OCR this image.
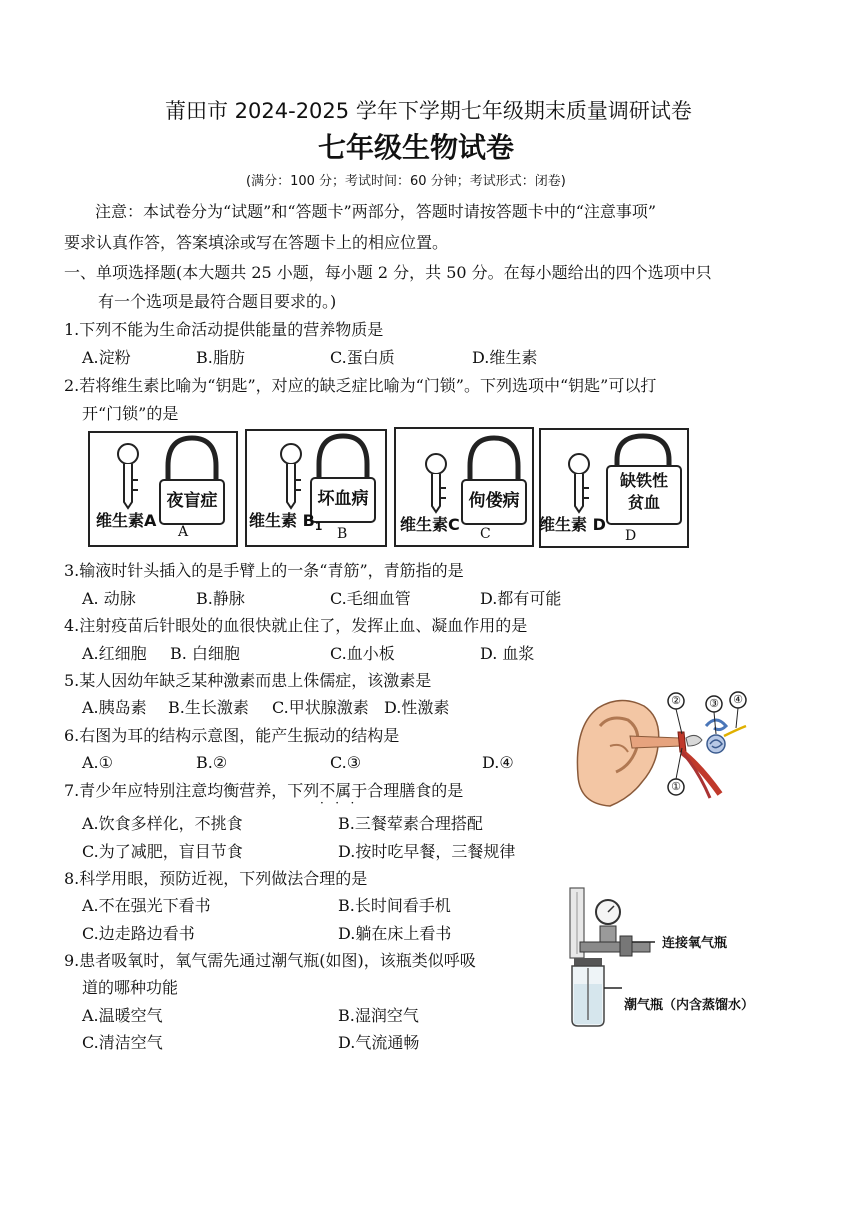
莆田市 2024-2025 学年下学期七年级期末质量调研试卷
七年级生物试卷
(满分：100 分；考试时间：60 分钟；考试形式：闭卷)
注意：本试卷分为“试题”和“答题卡”两部分，答题时请按答题卡中的“注意事项”
要求认真作答，答案填涂或写在答题卡上的相应位置。
一、单项选择题(本大题共 25 小题，每小题 2 分，共 50 分。在每小题给出的四个选项中只
有一个选项是最符合题目要求的。)
1.下列不能为生命活动提供能量的营养物质是
A.淀粉	B.脂肪	C.蛋白质	D.维生素
2.若将维生素比喻为“钥匙”，对应的缺乏症比喻为“门锁”。下列选项中“钥匙”可以打
开“门锁”的是
夜盲症
维生素A
A
坏血病
维生素 $B_1$ B
佝偻病
维生素C C
缺铁性
贫血
维生素 D
D
3.输液时针头插入的是手臂上的一条“青筋”，青筋指的是
A. 动脉	B.静脉	C.毛细血管	D.都有可能
4.注射疫苗后针眼处的血很快就止住了，发挥止血、凝血作用的是
A.红细胞 B. 白细胞	C.血小板	D. 血浆
5.某人因幼年缺乏某种激素而患上侏儒症，该激素是
A.胰岛素 B.生长激素 C.甲状腺激素 D.性激素	②	③ ④
①
6.右图为耳的结构示意图，能产生振动的结构是
A.①	B.②	C.③	D.④
7.青少年应特别注意均衡营养，下列不属于合理膳食的是
·   ·   ·
A.饮食多样化，不挑食	B.三餐荤素合理搭配
C.为了减肥，盲目节食	D.按时吃早餐，三餐规律
8.科学用眼，预防近视，下列做法合理的是
A.不在强光下看书	B.长时间看手机
C.边走路边看书	D.躺在床上看书
连接氧气瓶
潮气瓶（内含蒸馏水）
9.患者吸氧时，氧气需先通过潮气瓶(如图)，该瓶类似呼吸
道的哪种功能
A.温暖空气	B.湿润空气
C.清洁空气	D.气流通畅
